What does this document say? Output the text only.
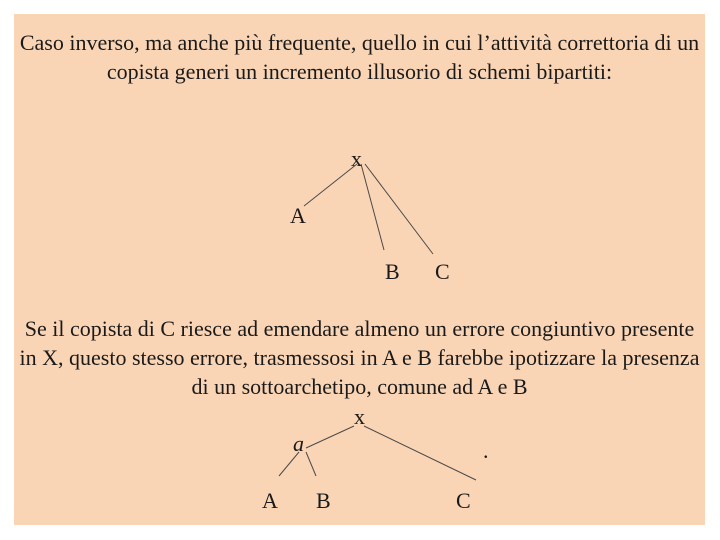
Caso inverso, ma anche più frequente, quello in cui l’attività correttoria di un copista generi un incremento illusorio di schemi bipartiti:

x
A
B C

Se il copista di C riesce ad emendare almeno un errore congiuntivo presente in X, questo stesso errore, trasmessosi in A e B farebbe ipotizzare la presenza di un sottoarchetipo, comune ad A e B

x
a	.
A B	C
